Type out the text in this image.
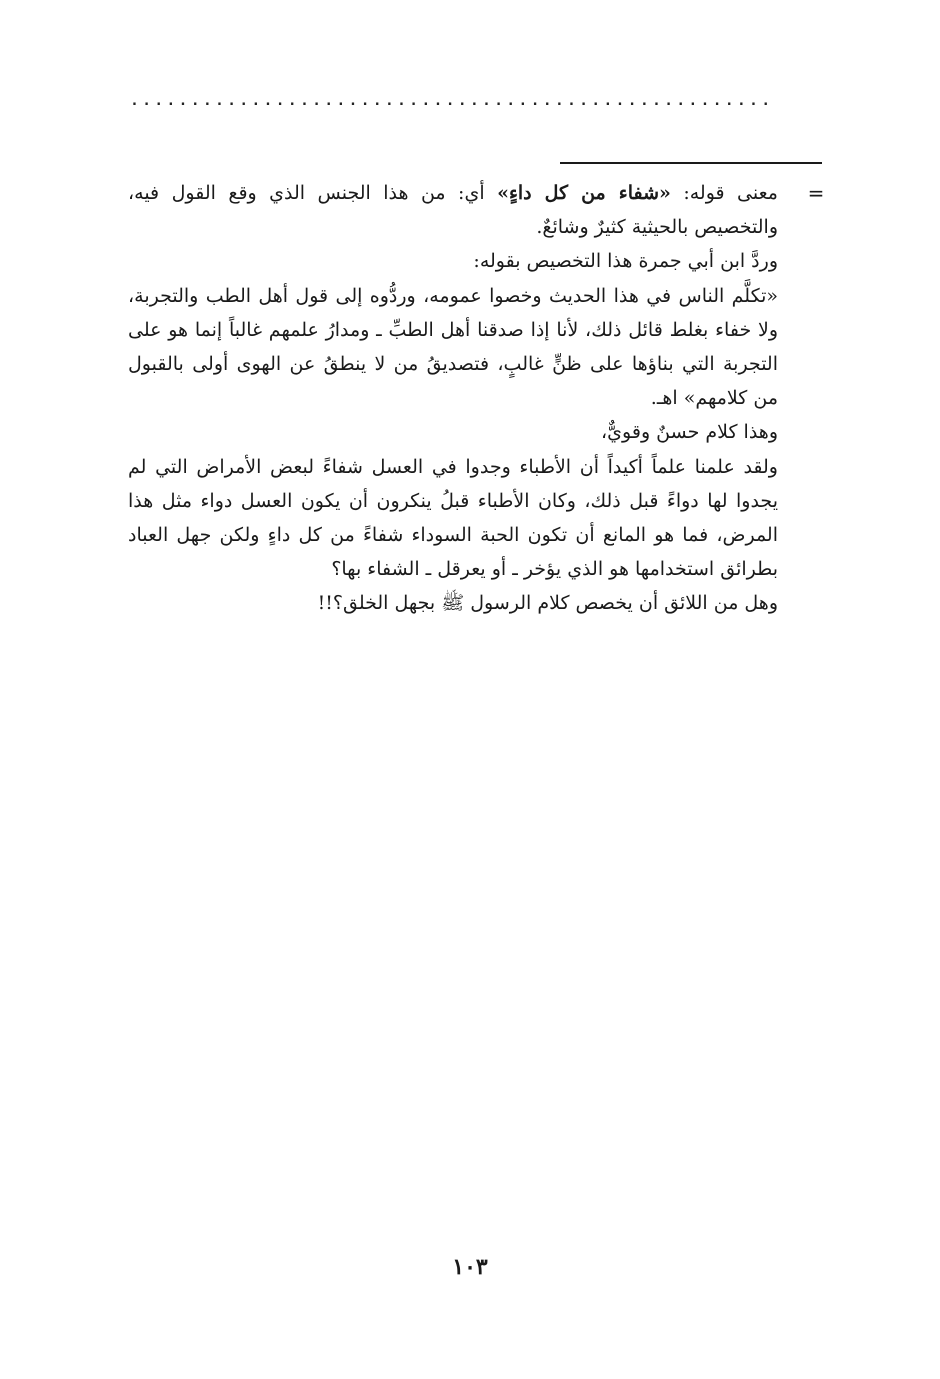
.....................................................
=

معنى قوله: «شفاء من كل داءٍ» أي: من هذا الجنس الذي وقع القول فيه، والتخصيص بالحيثية كثيرٌ وشائعٌ.

وردَّ ابن أبي جمرة هذا التخصيص بقوله:

«تكلَّم الناس في هذا الحديث وخصوا عمومه، وردُّوه إلى قول أهل الطب والتجربة، ولا خفاء بغلط قائل ذلك، لأنا إذا صدقنا أهل الطبِّ ـ ومدارُ علمهم غالباً إنما هو على التجربة التي بناؤها على ظنٍّ غالبٍ، فتصديقُ من لا ينطقُ عن الهوى أولى بالقبول من كلامهم» اهـ.

وهذا كلام حسنٌ وقويٌّ،

ولقد علمنا علماً أكيداً أن الأطباء وجدوا في العسل شفاءً لبعض الأمراض التي لم يجدوا لها دواءً قبل ذلك، وكان الأطباء قبلُ ينكرون أن يكون العسل دواء مثل هذا المرض، فما هو المانع أن تكون الحبة السوداء شفاءً من كل داءٍ ولكن جهل العباد بطرائق استخدامها هو الذي يؤخر ـ أو يعرقل ـ الشفاء بها؟

وهل من اللائق أن يخصص كلام الرسول ﷺ بجهل الخلق؟!!

١٠٣
